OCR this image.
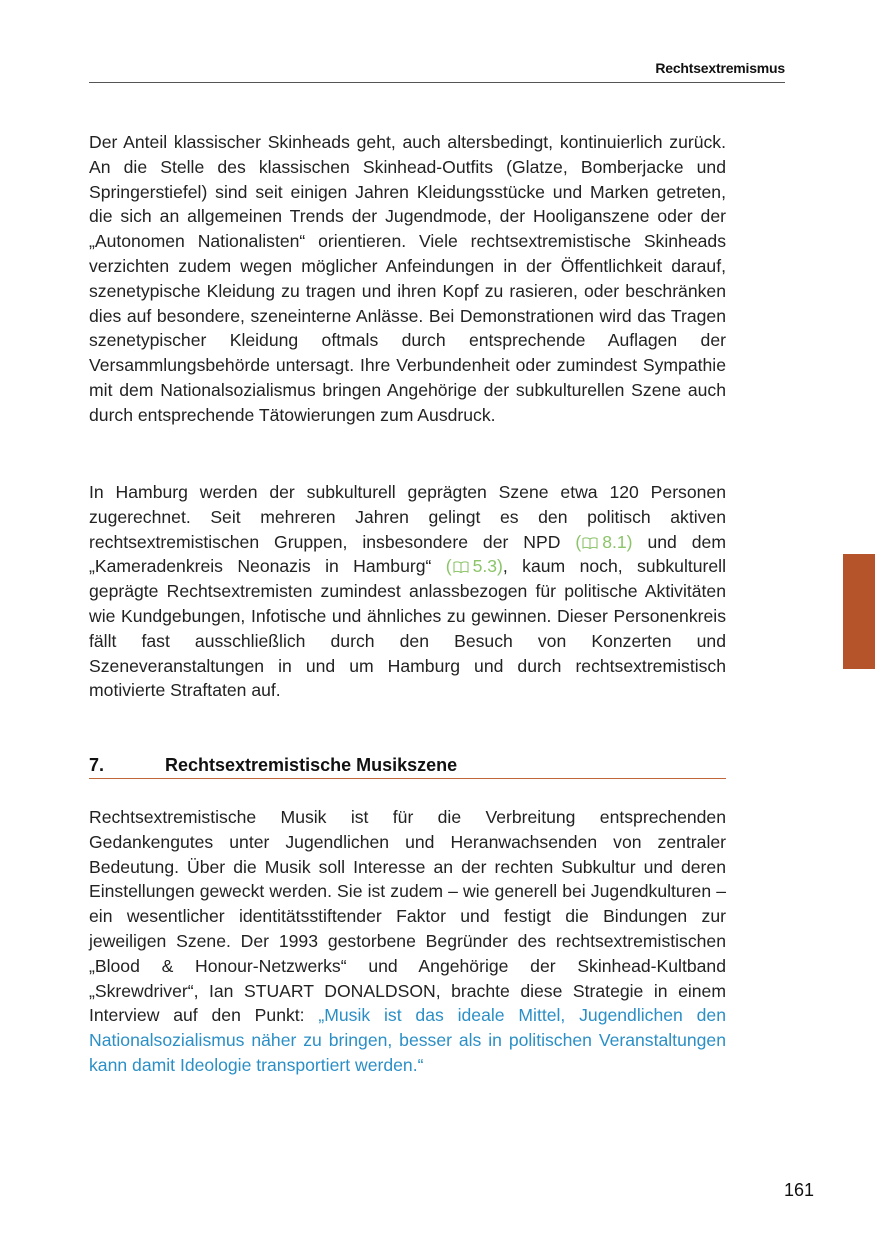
Rechtsextremismus

Der Anteil klassischer Skinheads geht, auch altersbedingt, kontinuierlich zurück. An die Stelle des klassischen Skinhead-Outfits (Glatze, Bomberjacke und Springerstiefel) sind seit einigen Jahren Kleidungsstücke und Marken getreten, die sich an allgemeinen Trends der Jugendmode, der Hooliganszene oder der „Autonomen Nationalisten“ orientieren. Viele rechtsextremistische Skinheads verzichten zudem wegen möglicher Anfeindungen in der Öffentlichkeit darauf, szenetypische Kleidung zu tragen und ihren Kopf zu rasieren, oder beschränken dies auf besondere, szeneinterne Anlässe. Bei Demonstrationen wird das Tragen szenetypischer Kleidung oftmals durch entsprechende Auflagen der Versammlungsbehörde untersagt. Ihre Verbundenheit oder zumindest Sympathie mit dem Nationalsozialismus bringen Angehörige der subkulturellen Szene auch durch entsprechende Tätowierungen zum Ausdruck.

In Hamburg werden der subkulturell geprägten Szene etwa 120 Personen zugerechnet. Seit mehreren Jahren gelingt es den politisch aktiven rechtsextremistischen Gruppen, insbesondere der NPD ( 8.1) und dem „Kameradenkreis Neonazis in Hamburg“ ( 5.3), kaum noch, subkulturell geprägte Rechtsextremisten zumindest anlassbezogen für politische Aktivitäten wie Kundgebungen, Infotische und ähnliches zu gewinnen. Dieser Personenkreis fällt fast ausschließlich durch den Besuch von Konzerten und Szeneveranstaltungen in und um Hamburg und durch rechtsextremistisch motivierte Straftaten auf.

7.	Rechtsextremistische Musikszene

Rechtsextremistische Musik ist für die Verbreitung entsprechenden Gedankengutes unter Jugendlichen und Heranwachsenden von zentraler Bedeutung. Über die Musik soll Interesse an der rechten Subkultur und deren Einstellungen geweckt werden. Sie ist zudem – wie generell bei Jugendkulturen – ein wesentlicher identitätsstiftender Faktor und festigt die Bindungen zur jeweiligen Szene. Der 1993 gestorbene Begründer des rechtsextremistischen „Blood & Honour-Netzwerks“ und Angehörige der Skinhead-Kultband „Skrewdriver“, Ian STUART DONALDSON, brachte diese Strategie in einem Interview auf den Punkt: „Musik ist das ideale Mittel, Jugendlichen den Nationalsozialismus näher zu bringen, besser als in politischen Veranstaltungen kann damit Ideologie transportiert werden.“

161
